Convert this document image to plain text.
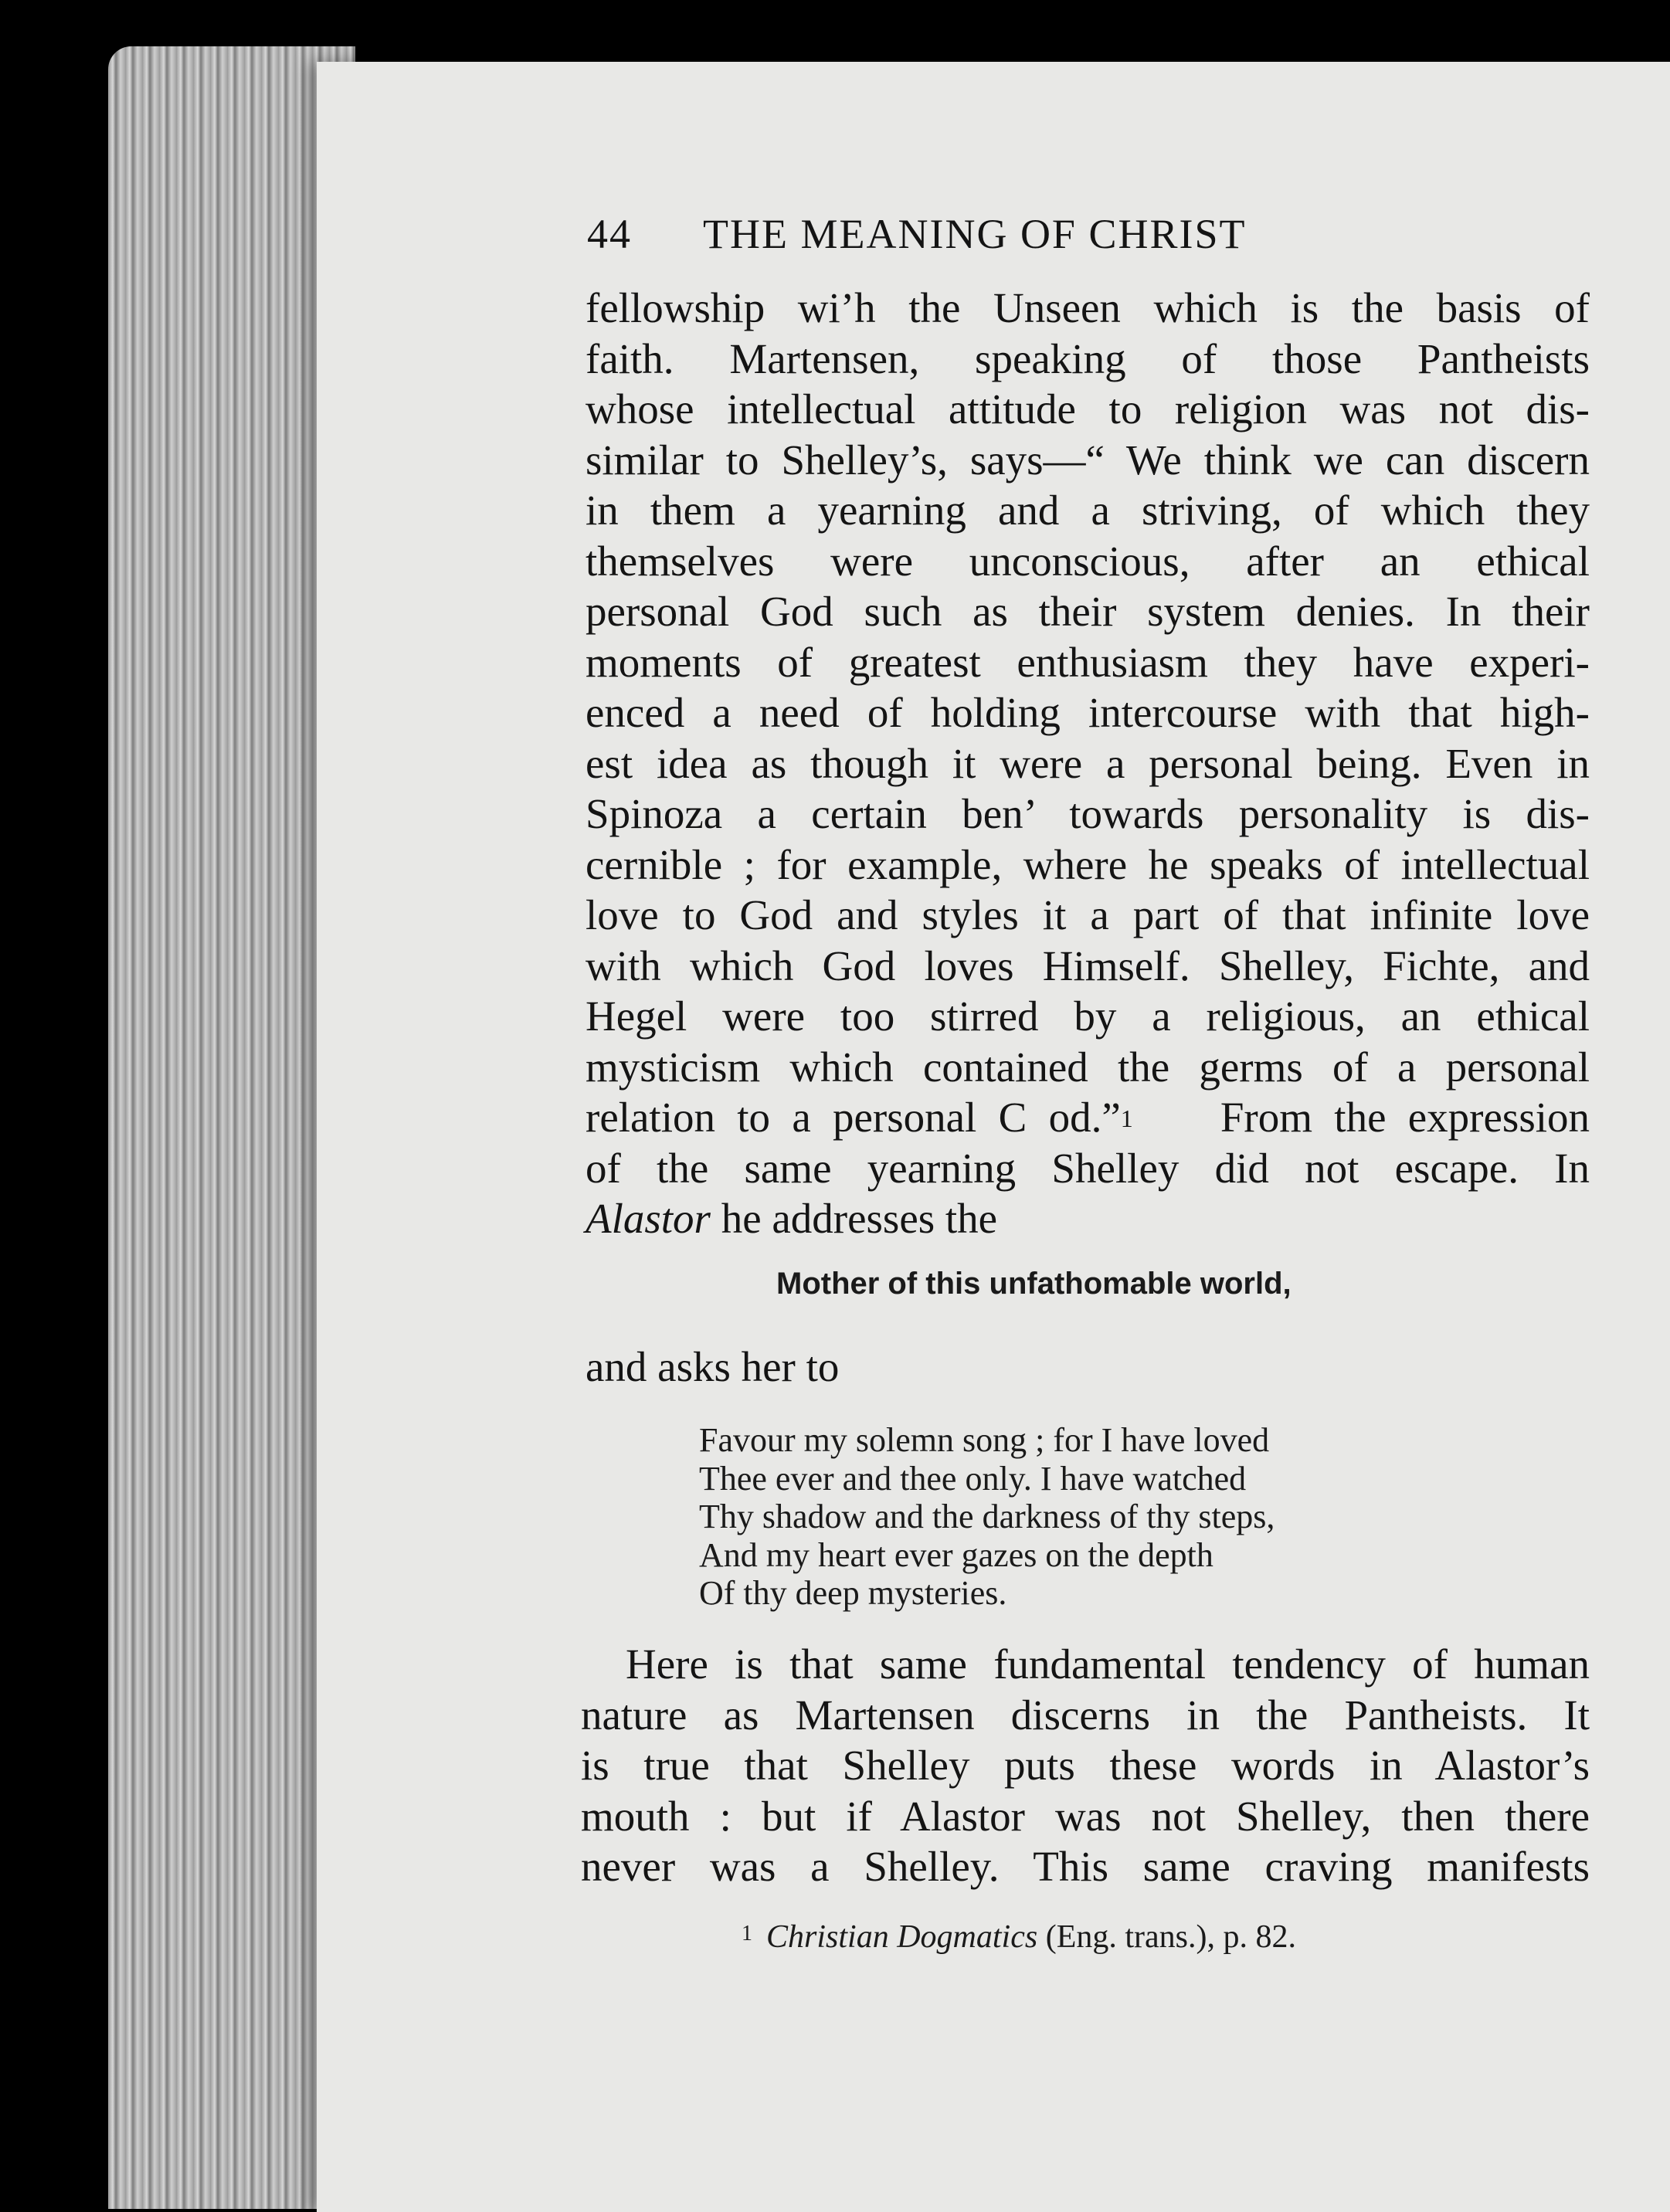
44 THE MEANING OF CHRIST
fellowship wi’h the Unseen which is the basis of
faith. Martensen, speaking of those Pantheists
whose intellectual attitude to religion was not dis-
similar to Shelley’s, says—“ We think we can discern
in them a yearning and a striving, of which they
themselves were unconscious, after an ethical
personal God such as their system denies. In their
moments of greatest enthusiasm they have experi-
enced a need of holding intercourse with that high-
est idea as though it were a personal being. Even in
Spinoza a certain ben’ towards personality is dis-
cernible ; for example, where he speaks of intellectual
love to God and styles it a part of that infinite love
with which God loves Himself. Shelley, Fichte, and
Hegel were too stirred by a religious, an ethical
mysticism which contained the germs of a personal
relation to a personal C od.”$^1$ From the expression
of the same yearning Shelley did not escape. In
Alastor he addresses the
Mother of this unfathomable world,
and asks her to
Favour my solemn song ; for I have loved
Thee ever and thee only. I have watched
Thy shadow and the darkness of thy steps,
And my heart ever gazes on the depth
Of thy deep mysteries.
Here is that same fundamental tendency of human
nature as Martensen discerns in the Pantheists. It
is true that Shelley puts these words in Alastor’s
mouth : but if Alastor was not Shelley, then there
never was a Shelley. This same craving manifests
$^1$ Christian Dogmatics (Eng. trans.), p. 82.
